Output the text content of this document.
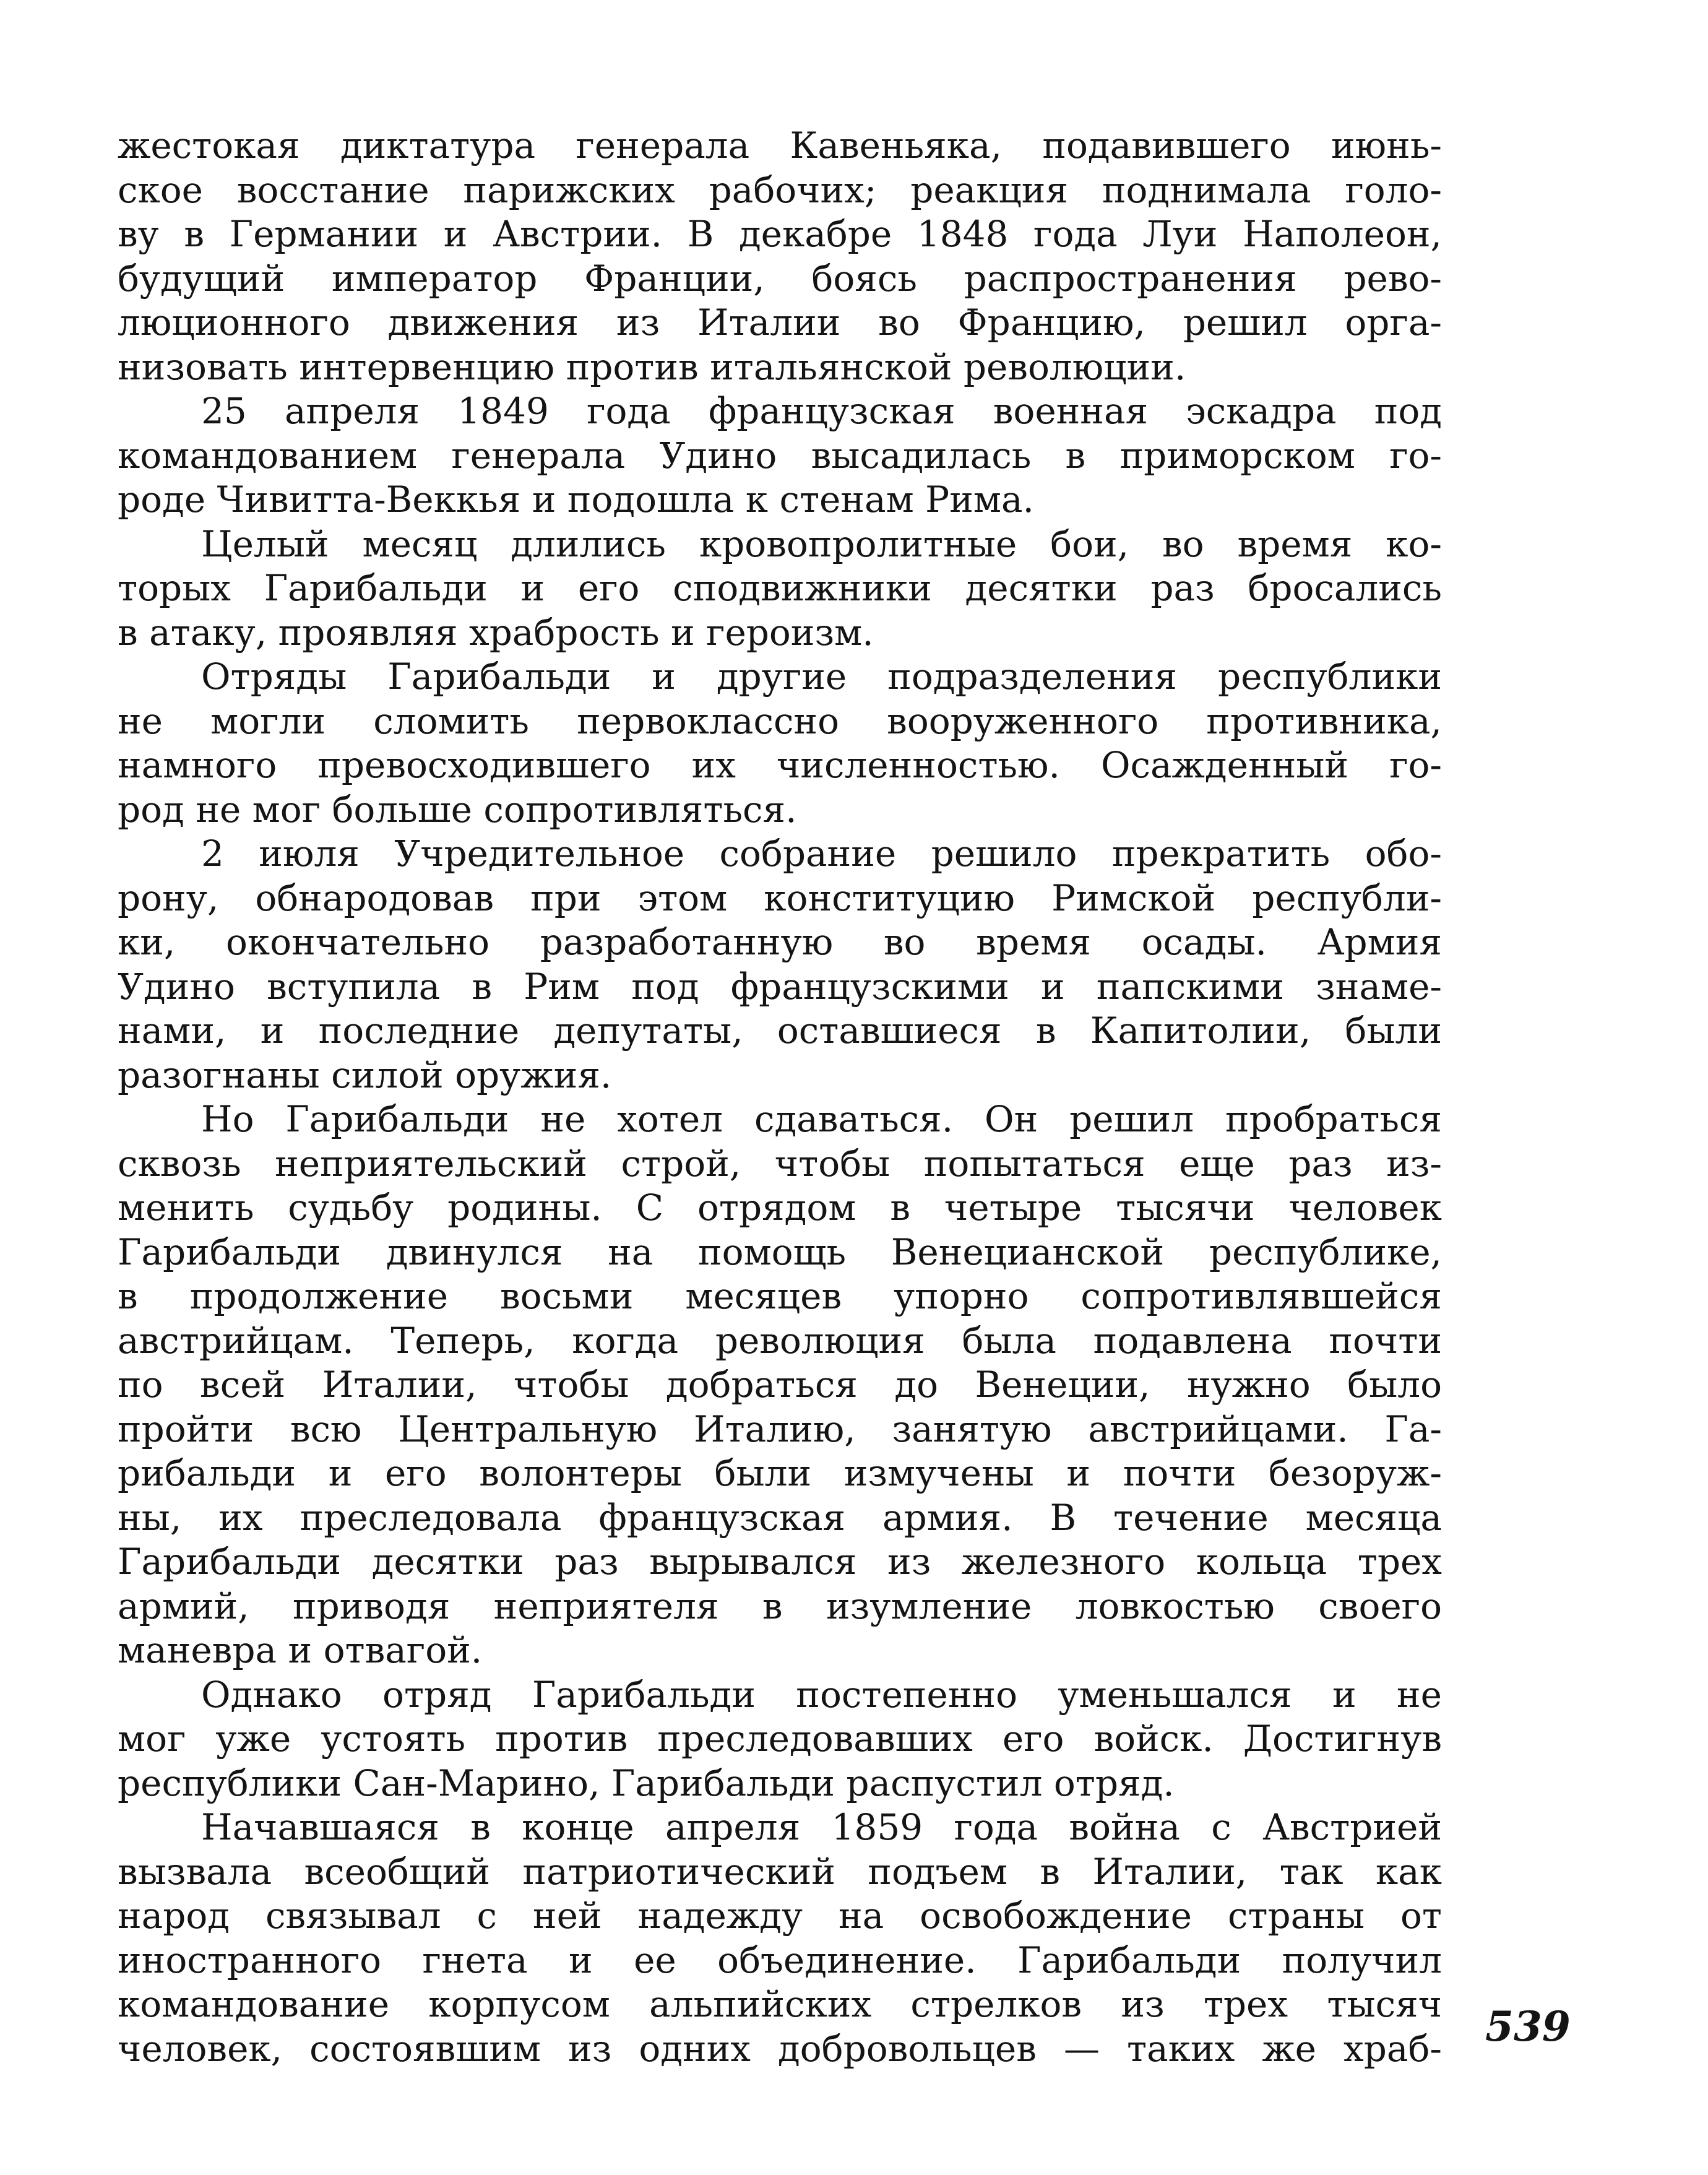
жестокая диктатура генерала Кавеньяка, подавившего июнь-
ское восстание парижских рабочих; реакция поднимала голо-
ву в Германии и Австрии. В декабре 1848 года Луи Наполеон,
будущий император Франции, боясь распространения рево-
люционного движения из Италии во Францию, решил орга-
низовать интервенцию против итальянской революции.
25 апреля 1849 года французская военная эскадра под
командованием генерала Удино высадилась в приморском го-
роде Чивитта-Веккья и подошла к стенам Рима.
Целый месяц длились кровопролитные бои, во время ко-
торых Гарибальди и его сподвижники десятки раз бросались
в атаку, проявляя храбрость и героизм.
Отряды Гарибальди и другие подразделения республики
не могли сломить первоклассно вооруженного противника,
намного превосходившего их численностью. Осажденный го-
род не мог больше сопротивляться.
2 июля Учредительное собрание решило прекратить обо-
рону, обнародовав при этом конституцию Римской республи-
ки, окончательно разработанную во время осады. Армия
Удино вступила в Рим под французскими и папскими знаме-
нами, и последние депутаты, оставшиеся в Капитолии, были
разогнаны силой оружия.
Но Гарибальди не хотел сдаваться. Он решил пробраться
сквозь неприятельский строй, чтобы попытаться еще раз из-
менить судьбу родины. С отрядом в четыре тысячи человек
Гарибальди двинулся на помощь Венецианской республике,
в продолжение восьми месяцев упорно сопротивлявшейся
австрийцам. Теперь, когда революция была подавлена почти
по всей Италии, чтобы добраться до Венеции, нужно было
пройти всю Центральную Италию, занятую австрийцами. Га-
рибальди и его волонтеры были измучены и почти безоруж-
ны, их преследовала французская армия. В течение месяца
Гарибальди десятки раз вырывался из железного кольца трех
армий, приводя неприятеля в изумление ловкостью своего
маневра и отвагой.
Однако отряд Гарибальди постепенно уменьшался и не
мог уже устоять против преследовавших его войск. Достигнув
республики Сан-Марино, Гарибальди распустил отряд.
Начавшаяся в конце апреля 1859 года война с Австрией
вызвала всеобщий патриотический подъем в Италии, так как
народ связывал с ней надежду на освобождение страны от
иностранного гнета и ее объединение. Гарибальди получил
командование корпусом альпийских стрелков из трех тысяч
человек, состоявшим из одних добровольцев — таких же храб- 539
